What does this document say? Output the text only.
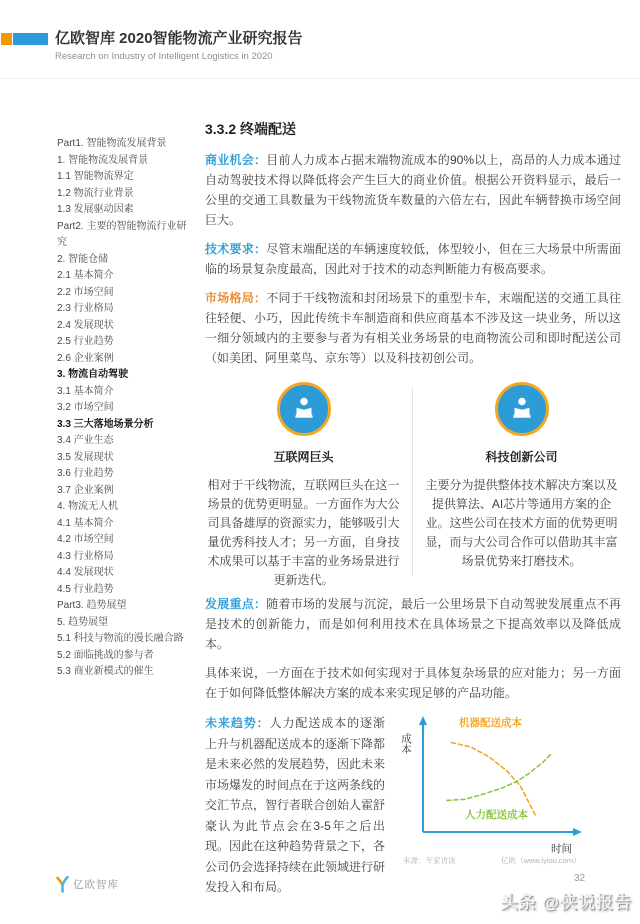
亿欧智库 2020智能物流产业研究报告
Research on Industry of Intelligent Logistics in 2020
Part1. 智能物流发展背景
1. 智能物流发展背景
1.1 智能物流界定
1.2 物流行业背景
1.3 发展驱动因素
Part2. 主要的智能物流行业研究
2. 智能仓储
2.1 基本简介
2.2 市场空间
2.3 行业格局
2.4 发展现状
2.5 行业趋势
2.6 企业案例
3. 物流自动驾驶
3.1 基本简介
3.2 市场空间
3.3 三大落地场景分析
3.4 产业生态
3.5 发展现状
3.6 行业趋势
3.7 企业案例
4. 物流无人机
4.1 基本简介
4.2 市场空间
4.3 行业格局
4.4 发展现状
4.5 行业趋势
Part3. 趋势展望
5. 趋势展望
5.1 科技与物流的漫长融合路
5.2 面临挑战的参与者
5.3 商业新模式的催生
3.3.2 终端配送

商业机会：目前人力成本占据末端物流成本的90%以上，高昂的人力成本通过自动驾驶技术得以降低将会产生巨大的商业价值。根据公开资料显示，最后一公里的交通工具数量为干线物流货车数量的六倍左右，因此车辆替换市场空间巨大。

技术要求：尽管末端配送的车辆速度较低，体型较小，但在三大场景中所需面临的场景复杂度最高，因此对于技术的动态判断能力有极高要求。

市场格局：不同于干线物流和封闭场景下的重型卡车，末端配送的交通工具往往轻便、小巧，因此传统卡车制造商和供应商基本不涉及这一块业务，所以这一细分领域内的主要参与者为有相关业务场景的电商物流公司和即时配送公司（如美团、阿里菜鸟、京东等）以及科技初创公司。

互联网巨头
相对于干线物流，互联网巨头在这一场景的优势更明显。一方面作为大公司具备雄厚的资源实力，能够吸引大量优秀科技人才；另一方面，自身技术成果可以基于丰富的业务场景进行更新迭代。
科技创新公司
主要分为提供整体技术解决方案以及提供算法、AI芯片等通用方案的企业。这些公司在技术方面的优势更明显，而与大公司合作可以借助其丰富场景优势来打磨技术。

发展重点：随着市场的发展与沉淀，最后一公里场景下自动驾驶发展重点不再是技术的创新能力，而是如何利用技术在具体场景之下提高效率以及降低成本。

具体来说，一方面在于技术如何实现对于具体复杂场景的应对能力；另一方面在于如何降低整体解决方案的成本来实现足够的产品功能。

未来趋势：人力配送成本的逐渐上升与机器配送成本的逐渐下降都是未来必然的发展趋势，因此未来市场爆发的时间点在于这两条线的交汇节点，智行者联合创始人霍舒豪认为此节点会在3-5年之后出现。因此在这种趋势背景之下，各公司仍会选择持续在此领域进行研发投入和布局。
成本
时间
机器配送成本
人力配送成本
来源：专家访谈	亿欧（www.iyiou.com）
亿欧智库
32
头条 @侠说报告
